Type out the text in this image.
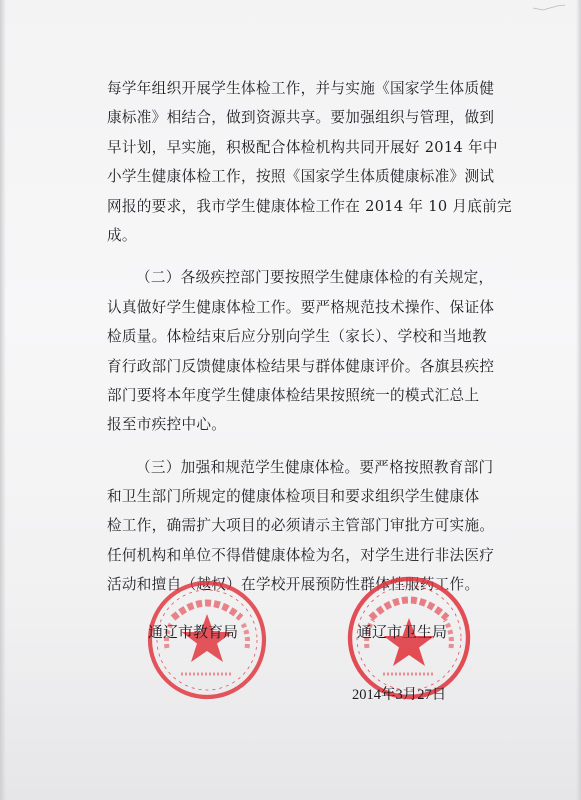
每学年组织开展学生体检工作，并与实施《国家学生体质健
康标准》相结合，做到资源共享。要加强组织与管理，做到
早计划，早实施，积极配合体检机构共同开展好 2014 年中
小学生健康体检工作，按照《国家学生体质健康标准》测试
网报的要求，我市学生健康体检工作在 2014 年 10 月底前完
成。
（二）各级疾控部门要按照学生健康体检的有关规定，
认真做好学生健康体检工作。要严格规范技术操作、保证体
检质量。体检结束后应分别向学生（家长）、学校和当地教
育行政部门反馈健康体检结果与群体健康评价。各旗县疾控
部门要将本年度学生健康体检结果按照统一的模式汇总上
报至市疾控中心。
（三）加强和规范学生健康体检。要严格按照教育部门
和卫生部门所规定的健康体检项目和要求组织学生健康体
检工作，确需扩大项目的必须请示主管部门审批方可实施。
任何机构和单位不得借健康体检为名，对学生进行非法医疗
活动和擅自（越权）在学校开展预防性群体性服药工作。
通辽市教育局	通辽市卫生局
2014年3月27日
